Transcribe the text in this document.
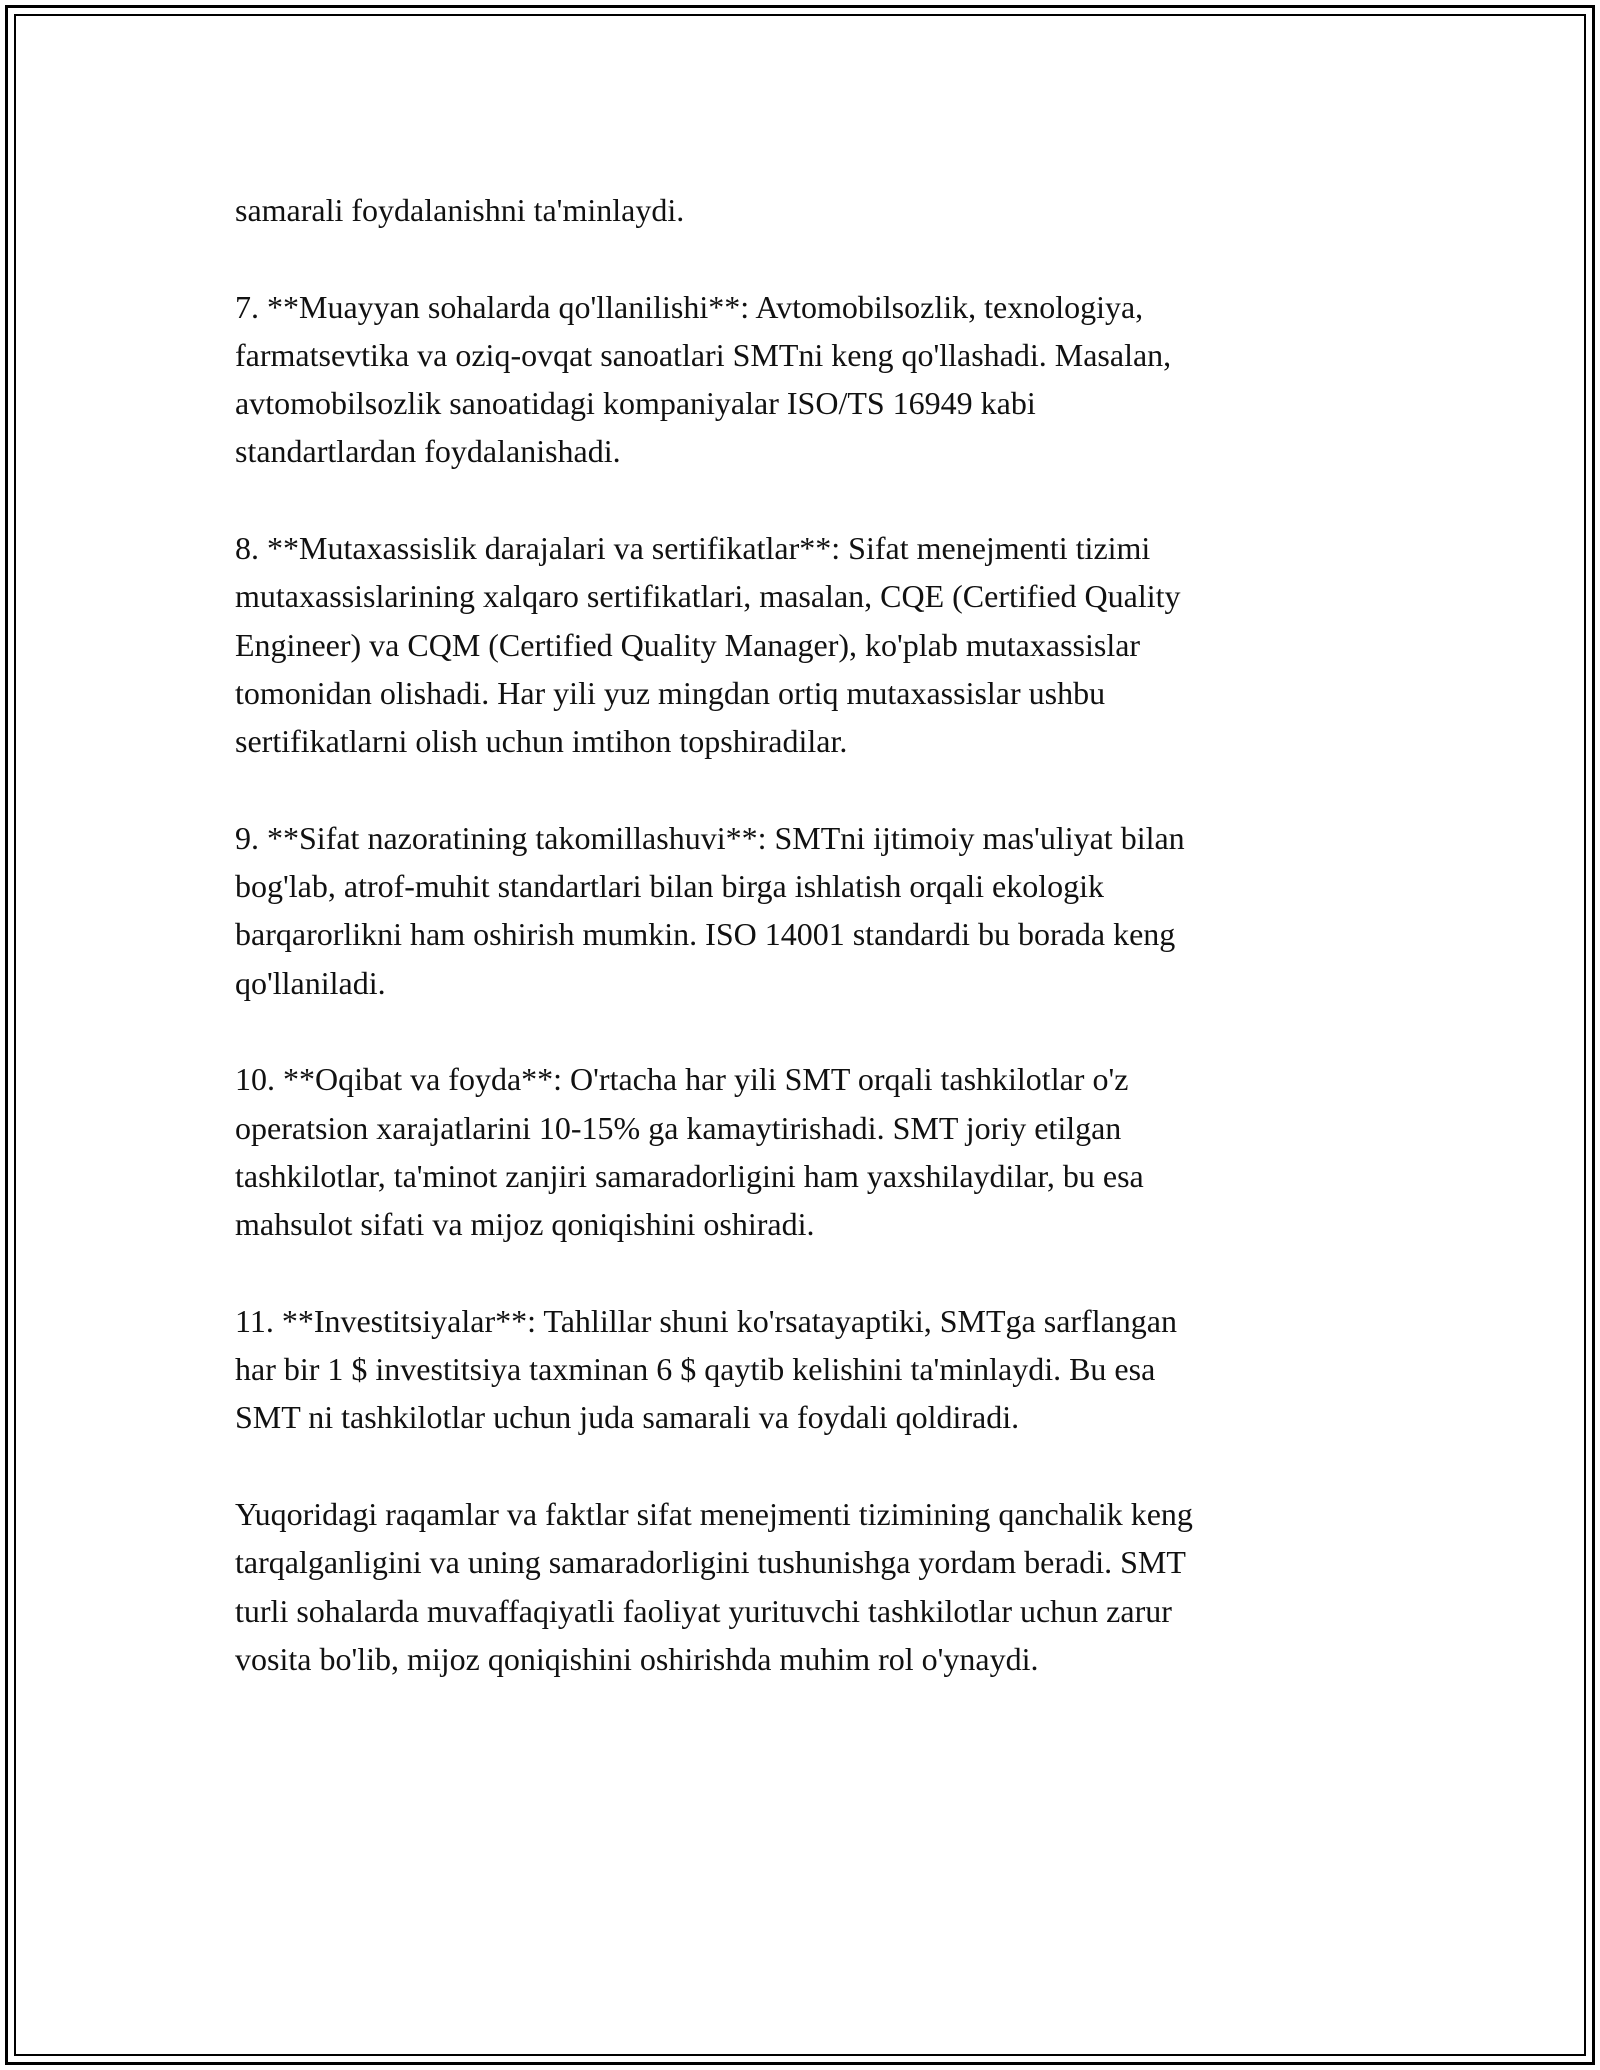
samarali foydalanishni ta'minlaydi.

7. **Muayyan sohalarda qo'llanilishi**: Avtomobilsozlik, texnologiya,
farmatsevtika va oziq-ovqat sanoatlari SMTni keng qo'llashadi. Masalan,
avtomobilsozlik sanoatidagi kompaniyalar ISO/TS 16949 kabi
standartlardan foydalanishadi.

8. **Mutaxassislik darajalari va sertifikatlar**: Sifat menejmenti tizimi
mutaxassislarining xalqaro sertifikatlari, masalan, CQE (Certified Quality
Engineer) va CQM (Certified Quality Manager), ko'plab mutaxassislar
tomonidan olishadi. Har yili yuz mingdan ortiq mutaxassislar ushbu
sertifikatlarni olish uchun imtihon topshiradilar.

9. **Sifat nazoratining takomillashuvi**: SMTni ijtimoiy mas'uliyat bilan
bog'lab, atrof-muhit standartlari bilan birga ishlatish orqali ekologik
barqarorlikni ham oshirish mumkin. ISO 14001 standardi bu borada keng
qo'llaniladi.

10. **Oqibat va foyda**: O'rtacha har yili SMT orqali tashkilotlar o'z
operatsion xarajatlarini 10-15% ga kamaytirishadi. SMT joriy etilgan
tashkilotlar, ta'minot zanjiri samaradorligini ham yaxshilaydilar, bu esa
mahsulot sifati va mijoz qoniqishini oshiradi.

11. **Investitsiyalar**: Tahlillar shuni ko'rsatayaptiki, SMTga sarflangan
har bir 1 $ investitsiya taxminan 6 $ qaytib kelishini ta'minlaydi. Bu esa
SMT ni tashkilotlar uchun juda samarali va foydali qoldiradi.

Yuqoridagi raqamlar va faktlar sifat menejmenti tizimining qanchalik keng
tarqalganligini va uning samaradorligini tushunishga yordam beradi. SMT
turli sohalarda muvaffaqiyatli faoliyat yurituvchi tashkilotlar uchun zarur
vosita bo'lib, mijoz qoniqishini oshirishda muhim rol o'ynaydi.
